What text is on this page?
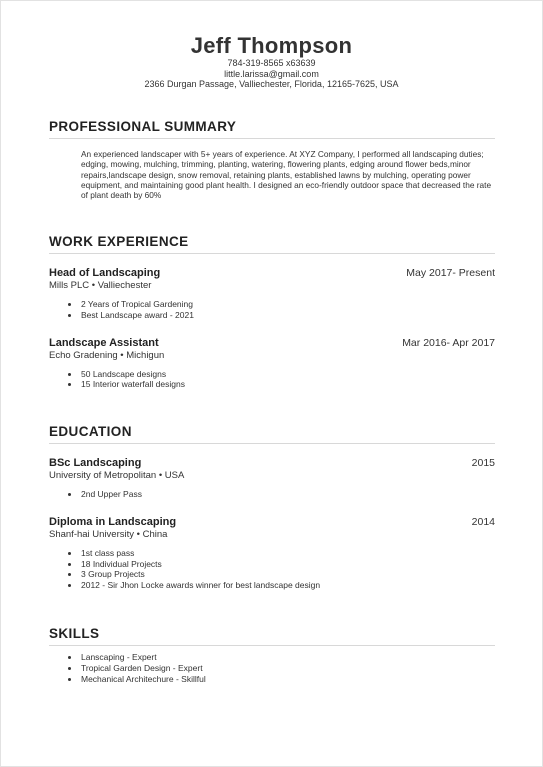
Jeff Thompson
784-319-8565 x63639
little.larissa@gmail.com
2366 Durgan Passage, Valliechester, Florida, 12165-7625, USA
PROFESSIONAL SUMMARY
An experienced landscaper with 5+ years of experience. At XYZ Company, I performed all landscaping duties; edging, mowing, mulching, trimming, planting, watering, flowering plants, edging around flower beds,minor repairs,landscape design, snow removal, retaining plants, established lawns by mulching, operating power equipment, and maintaining good plant health. I designed an eco-friendly outdoor space that decreased the rate of plant death by 60%
WORK EXPERIENCE
Head of Landscaping	May 2017- Present
Mills PLC • Valliechester
2 Years of Tropical Gardening
Best Landscape award - 2021
Landscape Assistant	Mar 2016- Apr 2017
Echo Gradening • Michigun
50 Landscape designs
15 Interior waterfall designs
EDUCATION
BSc Landscaping	2015
University of Metropolitan • USA
2nd Upper Pass
Diploma in Landscaping	2014
Shanf-hai University • China
1st class pass
18 Individual Projects
3 Group Projects
2012 - Sir Jhon Locke awards winner for best landscape design
SKILLS
Lanscaping - Expert
Tropical Garden Design - Expert
Mechanical Architechure - Skillful
